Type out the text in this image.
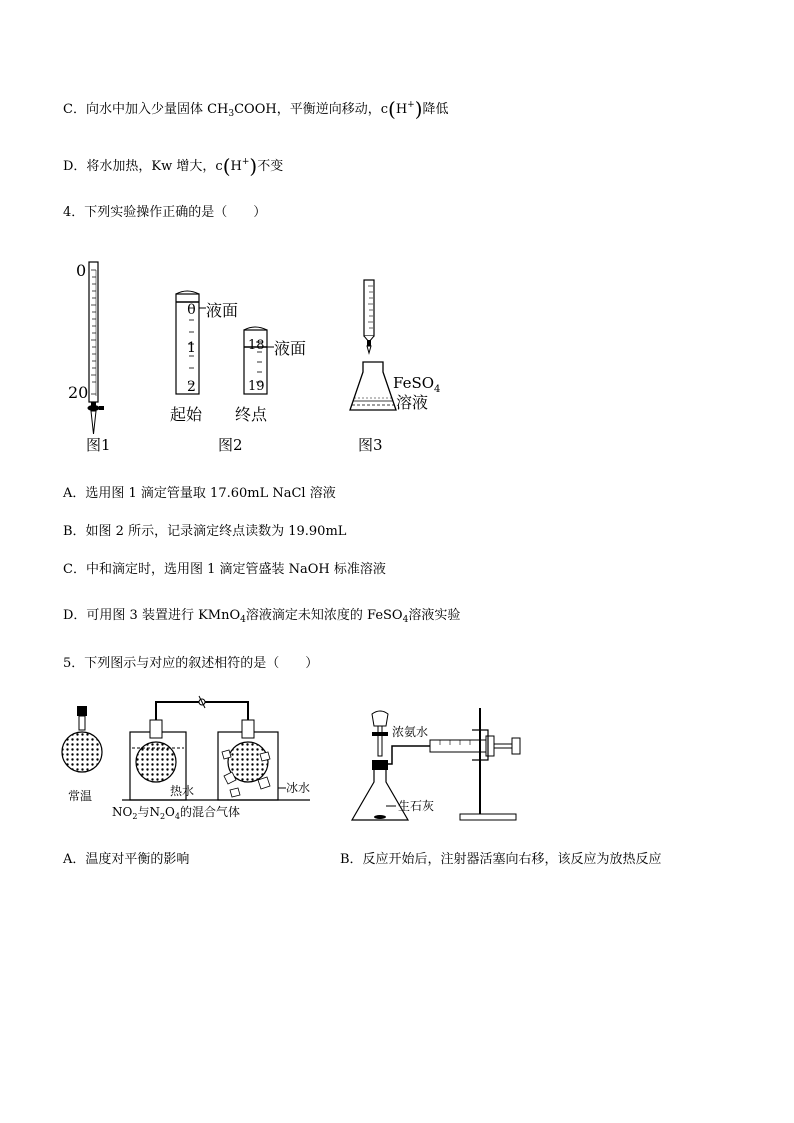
C．向水中加入少量固体 $CH_3COOH$，平衡逆向移动，c(H+)降低
D．将水加热，Kw 增大，c(H+)不变
4．下列实验操作正确的是（　　）
0
20
图1
0
1
2
液面
起始
18
19
液面
终点
图2
FeSO$_4$
溶液
图3
A．选用图 1 滴定管量取 17.60mL NaCl 溶液
B．如图 2 所示，记录滴定终点读数为 19.90mL
C．中和滴定时，选用图 1 滴定管盛装 NaOH 标准溶液
D．可用图 3 装置进行 KMnO$_4$溶液滴定未知浓度的 FeSO$_4$溶液实验
5．下列图示与对应的叙述相符的是（　　）
常温	热水	冰水
$NO_2$与$N_2O_4$的混合气体
浓氨水
生石灰
A．温度对平衡的影响	B．反应开始后，注射器活塞向右移，该反应为放热反应
